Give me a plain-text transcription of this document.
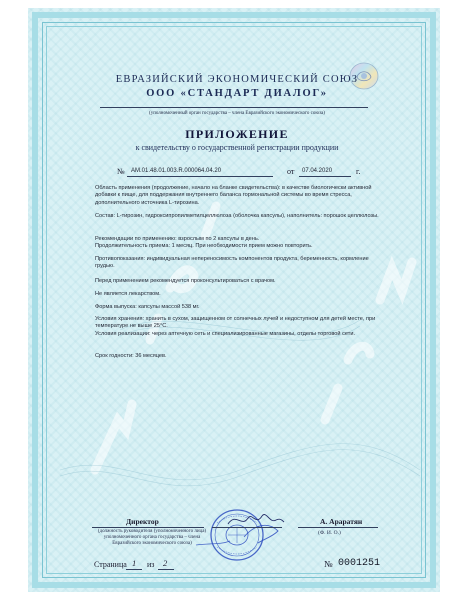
ЕВРАЗИЙСКИЙ ЭКОНОМИЧЕСКИЙ СОЮЗ
ООО «СТАНДАРТ ДИАЛОГ»
(уполномоченный орган государства – члена Евразийского экономического союза)
ПРИЛОЖЕНИЕ
к свидетельству о государственной регистрации продукции
№ AM.01.48.01.003.R.000064.04.20	от 07.04.2020	г.
Область применения (продолжение, начало на бланке свидетельства): в качестве биологически активной добавки к пище, для поддержания внутреннего баланса гормональной системы во время стресса, дополнительного источника L-тирозина.
Состав: L-тирозин, гидроксипропилметилцеллюлоза (оболочка капсулы), наполнитель: порошок целлюлозы.
Рекомендации по применению: взрослым по 2 капсулы в день.
Продолжительность приема: 1 месяц. При необходимости прием можно повторить.
Противопоказания: индивидуальная непереносимость компонентов продукта, беременность, кормление грудью.
Перед применением рекомендуется проконсультироваться с врачом.
Не является лекарством.
Форма выпуска: капсулы массой 538 мг.
Условия хранения: хранить в сухом, защищенном от солнечных лучей и недоступном для детей месте, при температуре не выше 25°С.
Условия реализации: через аптечную сеть и специализированные магазины, отделы торговой сети.
Срок годности: 36 месяцев.
Директор	А. Араратян
(должность руководителя (уполномоченного лица) уполномоченного органа государства – члена Евразийского экономического союза)
(Ф. И. О.)
Страница 1 из 2	№ 0001251
